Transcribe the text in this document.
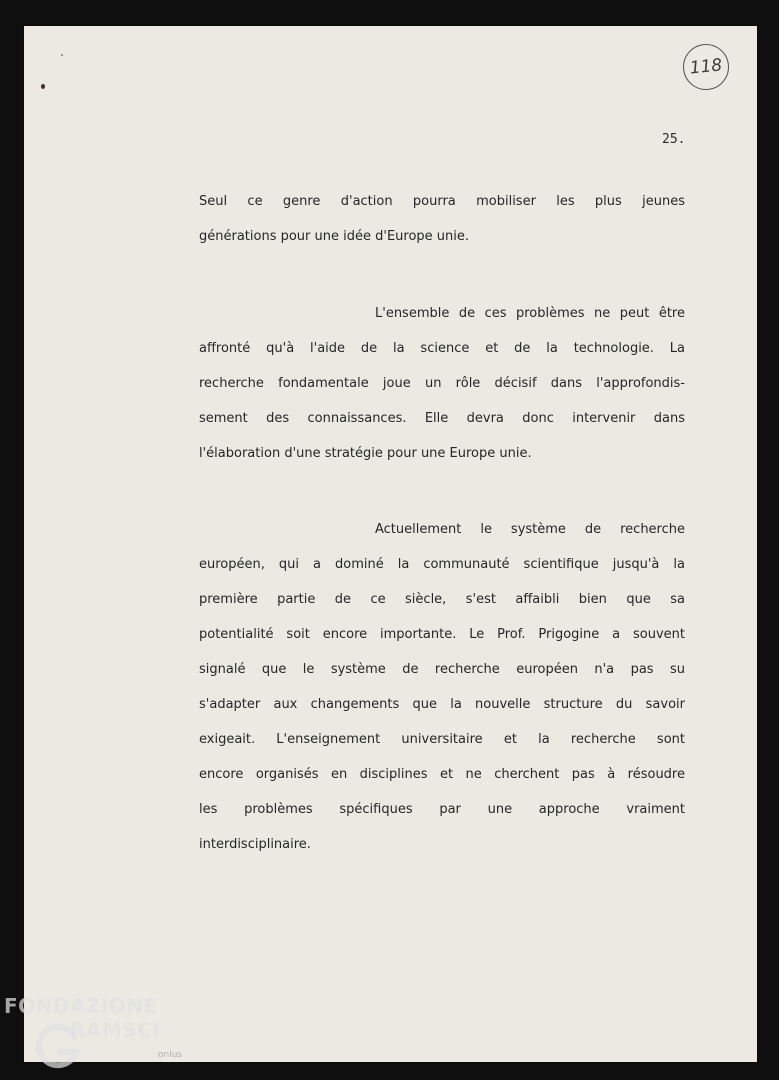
118
25.
Seul ce genre d'action pourra mobiliser les plus jeunes
générations pour une idée d'Europe unie.
L'ensemble de ces problèmes ne peut être
affronté qu'à l'aide de la science et de la technologie. La
recherche fondamentale joue un rôle décisif dans l'approfondis-
sement des connaissances. Elle devra donc intervenir dans
l'élaboration d'une stratégie pour une Europe unie.
Actuellement le système de recherche
européen, qui a dominé la communauté scientifique jusqu'à la
première partie de ce siècle, s'est affaibli bien que sa
potentialité soit encore importante. Le Prof. Prigogine a souvent
signalé que le système de recherche européen n'a pas su
s'adapter aux changements que la nouvelle structure du savoir
exigeait. L'enseignement universitaire et la recherche sont
encore organisés en disciplines et ne cherchent pas à résoudre
les problèmes spécifiques par une approche vraiment
interdisciplinaire.
FONDAZIONE
RAMSCI
onlus
